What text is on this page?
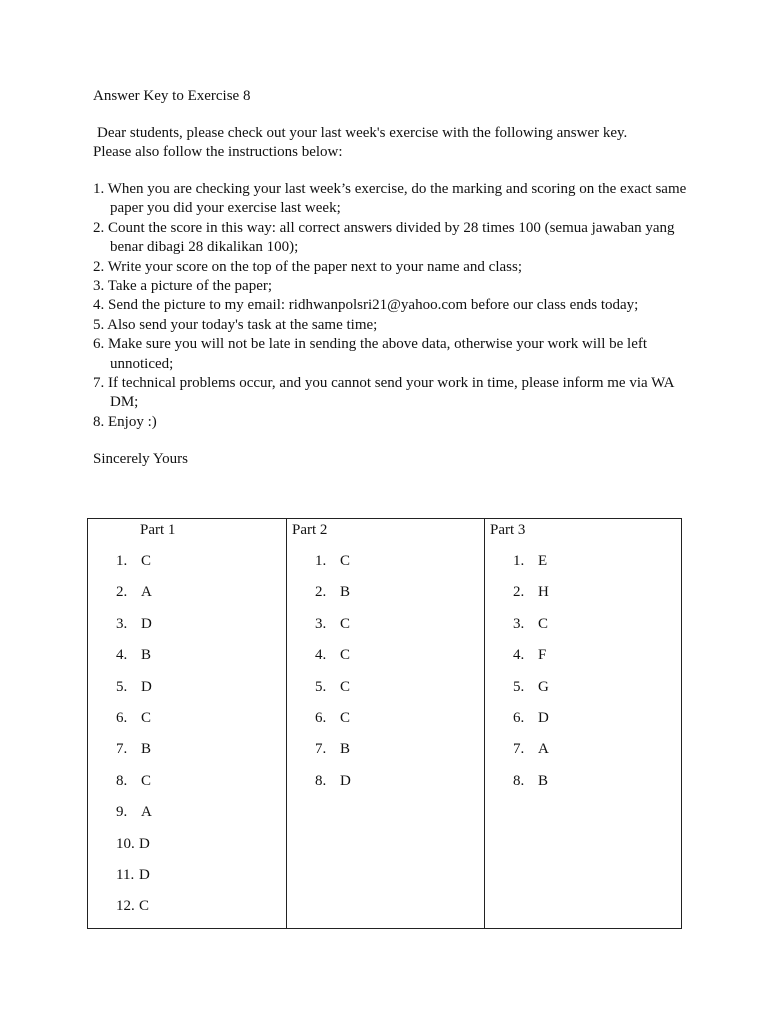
Answer Key to Exercise 8

Dear students, please check out your last week's exercise with the following answer key.

Please also follow the instructions below:

1. When you are checking your last week’s exercise, do the marking and scoring on the exact same paper you did your exercise last week;
2. Count the score in this way: all correct answers divided by 28 times 100 (semua jawaban yang benar dibagi 28 dikalikan 100);
2. Write your score on the top of the paper next to your name and class;
3. Take a picture of the paper;
4. Send the picture to my email: ridhwanpolsri21@yahoo.com before our class ends today;
5. Also send your today's task at the same time;
6. Make sure you will not be late in sending the above data, otherwise your work will be left unnoticed;
7. If technical problems occur, and you cannot send your work in time, please inform me via WA DM;
8. Enjoy :)
Sincerely Yours
Part 1
1. C
2. A
3. D
4. B
5. D
6. C
7. B
8. C
9. A
10. D
11. D
12. C
Part 2
1. C
2. B
3. C
4. C
5. C
6. C
7. B
8. D
Part 3
1. E
2. H
3. C
4. F
5. G
6. D
7. A
8. B
